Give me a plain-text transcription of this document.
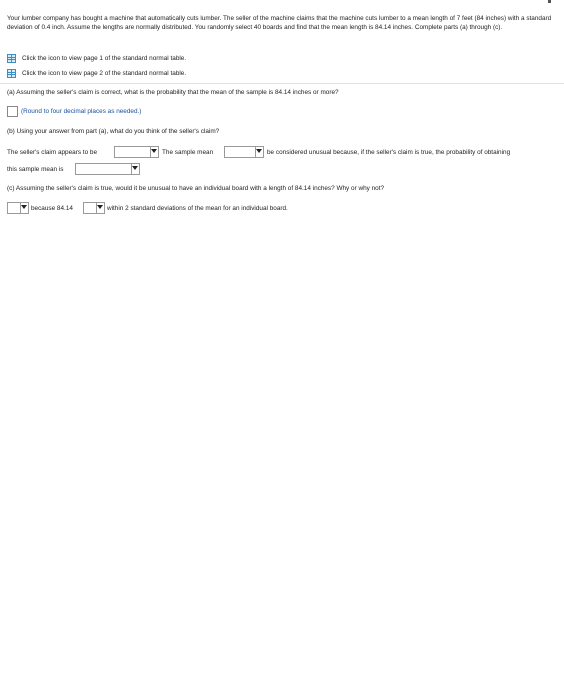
Your lumber company has bought a machine that automatically cuts lumber. The seller of the machine claims that the machine cuts lumber to a mean length of 7 feet (84 inches) with a standard deviation of 0.4 inch. Assume the lengths are normally distributed. You randomly select 40 boards and find that the mean length is 84.14 inches. Complete parts (a) through (c).
Click the icon to view page 1 of the standard normal table.
Click the icon to view page 2 of the standard normal table.
(a) Assuming the seller's claim is correct, what is the probability that the mean of the sample is 84.14 inches or more?
(Round to four decimal places as needed.)
(b) Using your answer from part (a), what do you think of the seller's claim?
The seller's claim appears to be	The sample mean	be considered unusual because, if the seller's claim is true, the probability of obtaining
this sample mean is
(c) Assuming the seller's claim is true, would it be unusual to have an individual board with a length of 84.14 inches? Why or why not?
because 84.14	within 2 standard deviations of the mean for an individual board.
